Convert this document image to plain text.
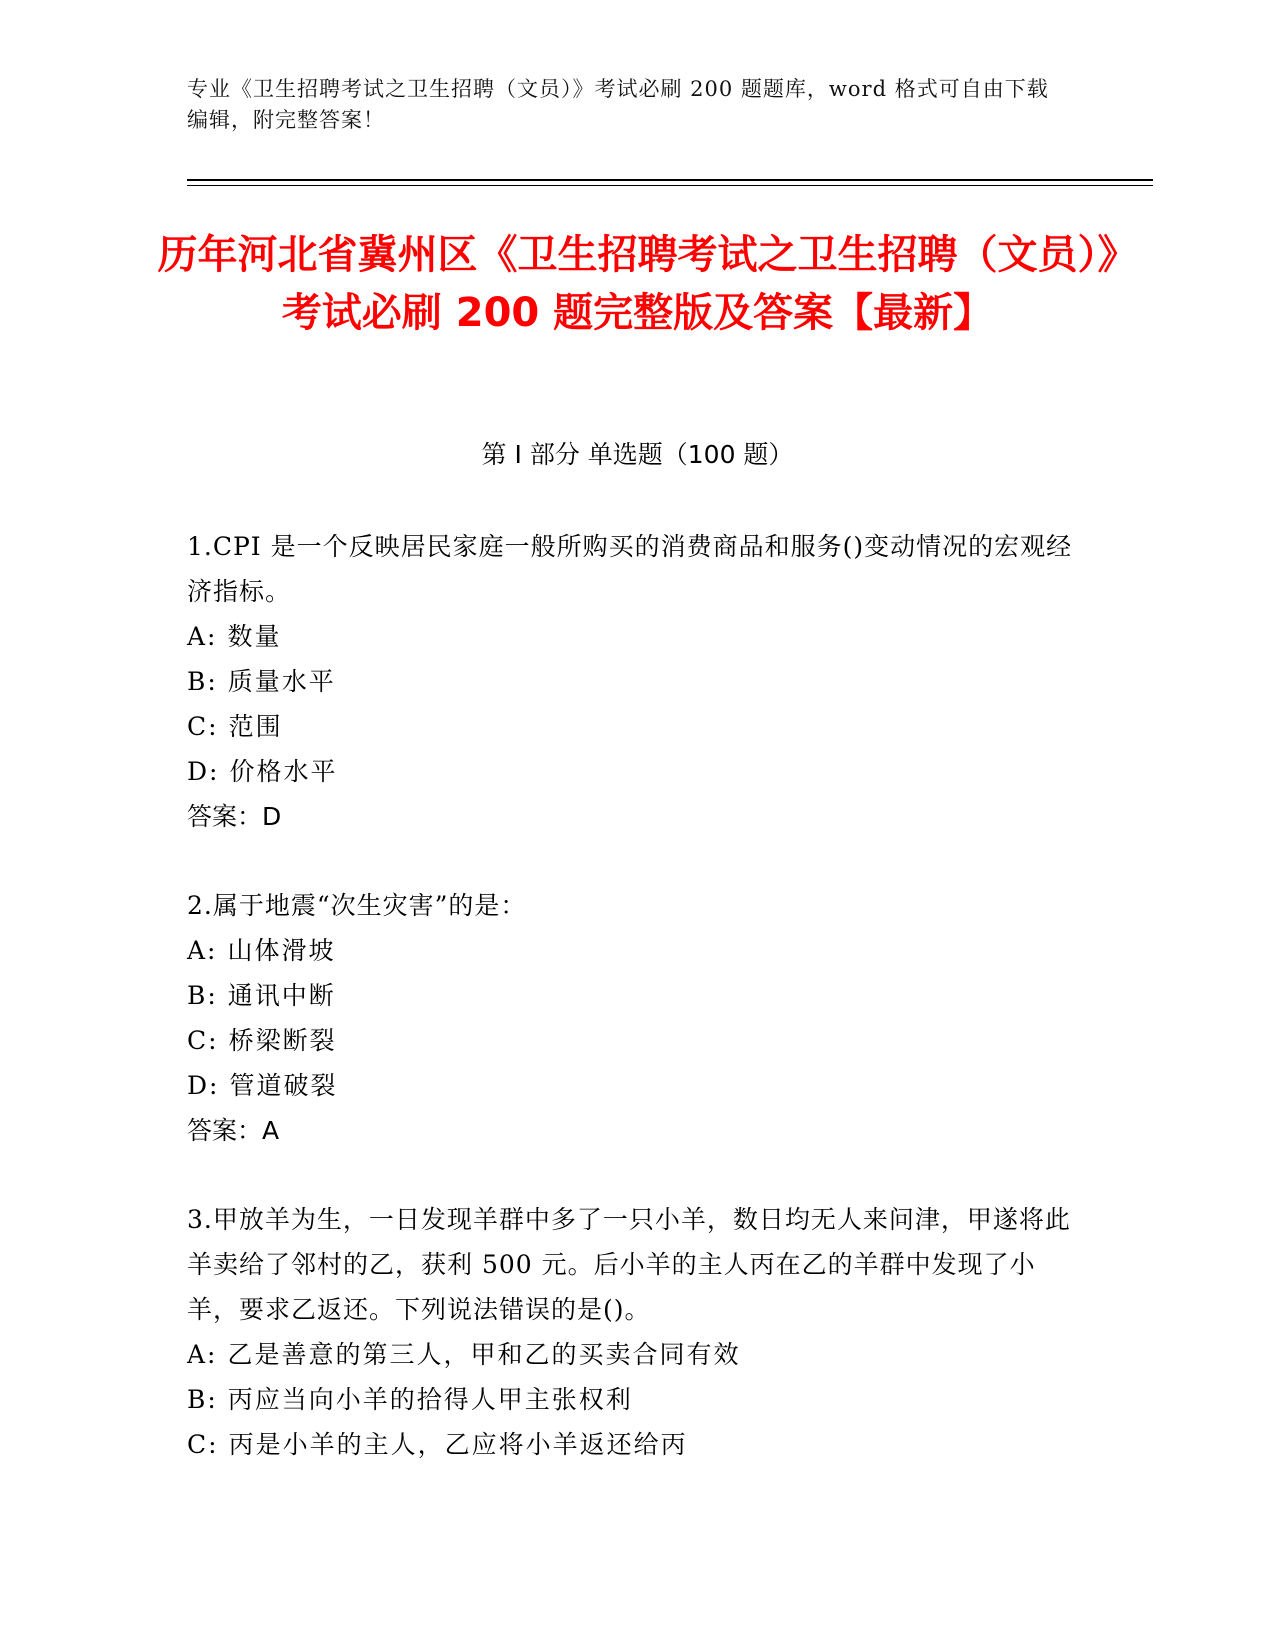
专业《卫生招聘考试之卫生招聘（文员）》考试必刷 200 题题库，word 格式可自由下载编辑，附完整答案！
历年河北省冀州区《卫生招聘考试之卫生招聘（文员）》考试必刷 200 题完整版及答案【最新】
第 I 部分 单选题（100 题）
1.CPI 是一个反映居民家庭一般所购买的消费商品和服务()变动情况的宏观经济指标。
A: 数量
B: 质量水平
C: 范围
D: 价格水平
答案：D
2.属于地震“次生灾害”的是：
A: 山体滑坡
B: 通讯中断
C: 桥梁断裂
D: 管道破裂
答案：A
3.甲放羊为生，一日发现羊群中多了一只小羊，数日均无人来问津，甲遂将此羊卖给了邻村的乙，获利 500 元。后小羊的主人丙在乙的羊群中发现了小羊，要求乙返还。下列说法错误的是()。
A: 乙是善意的第三人，甲和乙的买卖合同有效
B: 丙应当向小羊的拾得人甲主张权利
C: 丙是小羊的主人，乙应将小羊返还给丙
